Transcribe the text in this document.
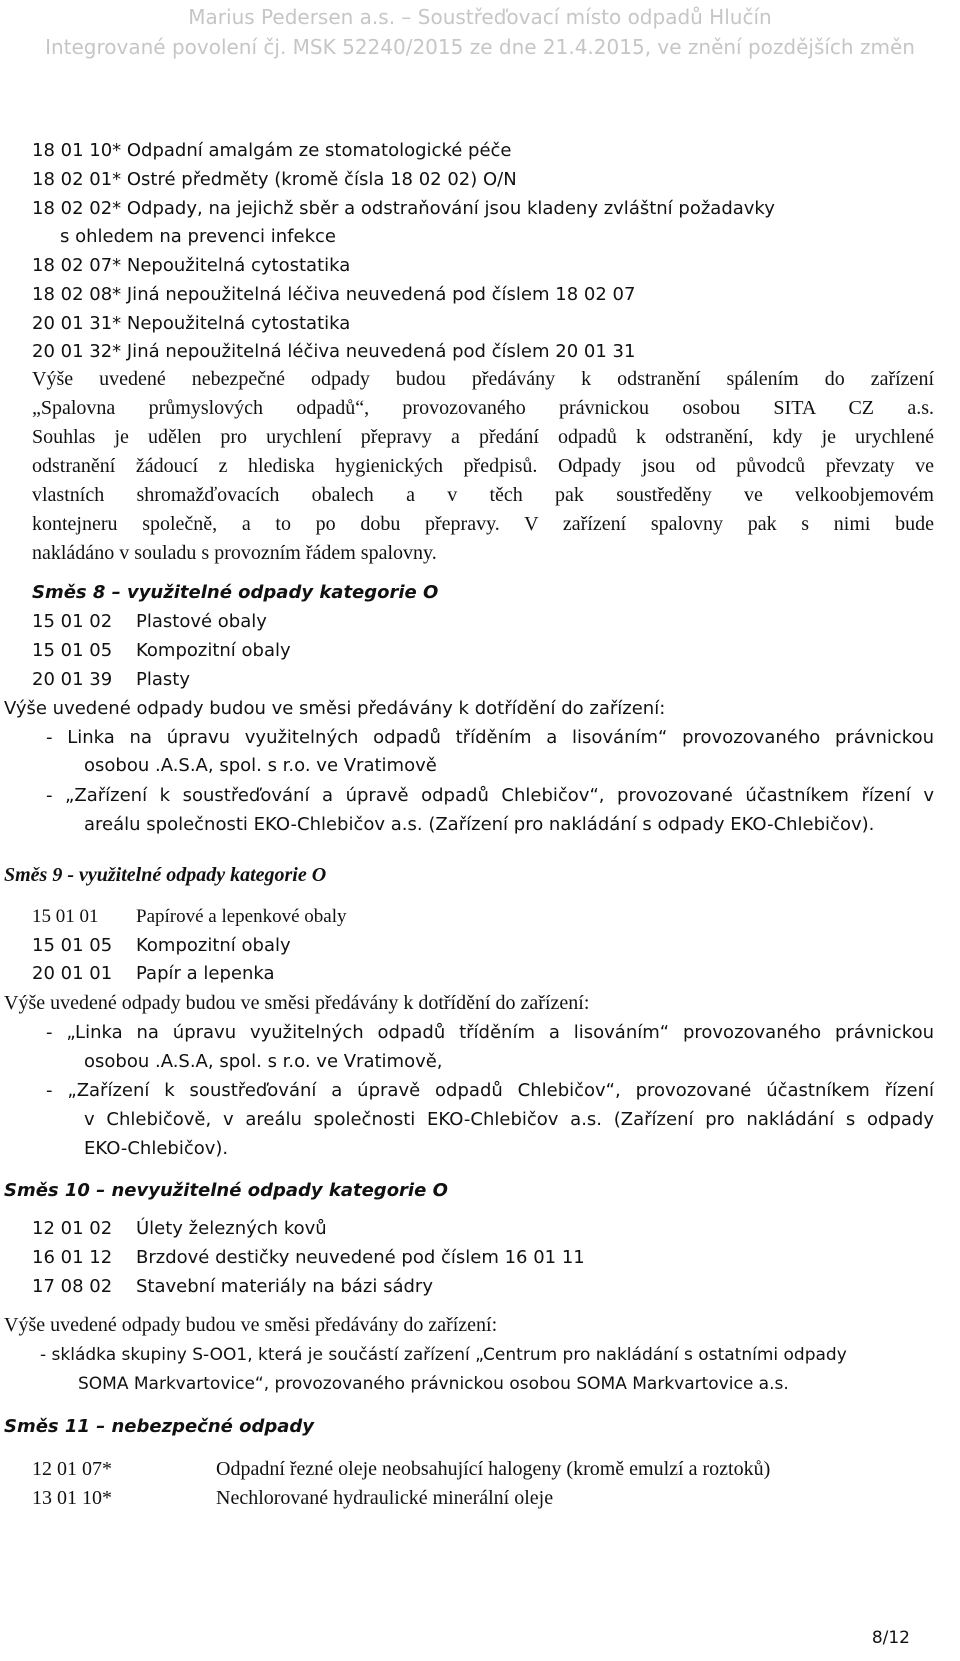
Marius Pedersen a.s. – Soustřeďovací místo odpadů Hlučín
Integrované povolení čj. MSK 52240/2015 ze dne 21.4.2015, ve znění pozdějších změn
18 01 10* Odpadní amalgám ze stomatologické péče
18 02 01* Ostré předměty (kromě čísla 18 02 02) O/N
18 02 02* Odpady, na jejichž sběr a odstraňování jsou kladeny zvláštní požadavky
s ohledem na prevenci infekce
18 02 07* Nepoužitelná cytostatika
18 02 08* Jiná nepoužitelná léčiva neuvedená pod číslem 18 02 07
20 01 31* Nepoužitelná cytostatika
20 01 32* Jiná nepoužitelná léčiva neuvedená pod číslem 20 01 31
Výše uvedené nebezpečné odpady budou předávány k odstranění spálením do zařízení
„Spalovna průmyslových odpadů“, provozovaného právnickou osobou SITA CZ a.s.
Souhlas je udělen pro urychlení přepravy a předání odpadů k odstranění, kdy je urychlené
odstranění žádoucí z hlediska hygienických předpisů. Odpady jsou od původců převzaty ve
vlastních shromažďovacích obalech a v těch pak soustředěny ve velkoobjemovém
kontejneru společně, a to po dobu přepravy. V zařízení spalovny pak s nimi bude
nakládáno v souladu s provozním řádem spalovny.
Směs 8 – využitelné odpady kategorie O
15 01 02 Plastové obaly
15 01 05 Kompozitní obaly
20 01 39 Plasty
Výše uvedené odpady budou ve směsi předávány k dotřídění do zařízení:
- Linka na úpravu využitelných odpadů tříděním a lisováním“ provozovaného právnickou
osobou .A.S.A, spol. s r.o. ve Vratimově
- „Zařízení k soustřeďování a úpravě odpadů Chlebičov“, provozované účastníkem řízení v
areálu společnosti EKO-Chlebičov a.s. (Zařízení pro nakládání s odpady EKO-Chlebičov).
Směs 9 - využitelné odpady kategorie O
15 01 01 Papírové a lepenkové obaly
15 01 05 Kompozitní obaly
20 01 01 Papír a lepenka
Výše uvedené odpady budou ve směsi předávány k dotřídění do zařízení:
- „Linka na úpravu využitelných odpadů tříděním a lisováním“ provozovaného právnickou
osobou .A.S.A, spol. s r.o. ve Vratimově,
- „Zařízení k soustřeďování a úpravě odpadů Chlebičov“, provozované účastníkem řízení
v Chlebičově, v areálu společnosti EKO-Chlebičov a.s. (Zařízení pro nakládání s odpady
EKO-Chlebičov).
Směs 10 – nevyužitelné odpady kategorie O
12 01 02 Úlety železných kovů
16 01 12 Brzdové destičky neuvedené pod číslem 16 01 11
17 08 02 Stavební materiály na bázi sádry
Výše uvedené odpady budou ve směsi předávány do zařízení:
- skládka skupiny S-OO1, která je součástí zařízení „Centrum pro nakládání s ostatními odpady
SOMA Markvartovice“, provozovaného právnickou osobou SOMA Markvartovice a.s.
Směs 11 – nebezpečné odpady
12 01 07*	Odpadní řezné oleje neobsahující halogeny (kromě emulzí a roztoků)
13 01 10*	Nechlorované hydraulické minerální oleje
8/12
